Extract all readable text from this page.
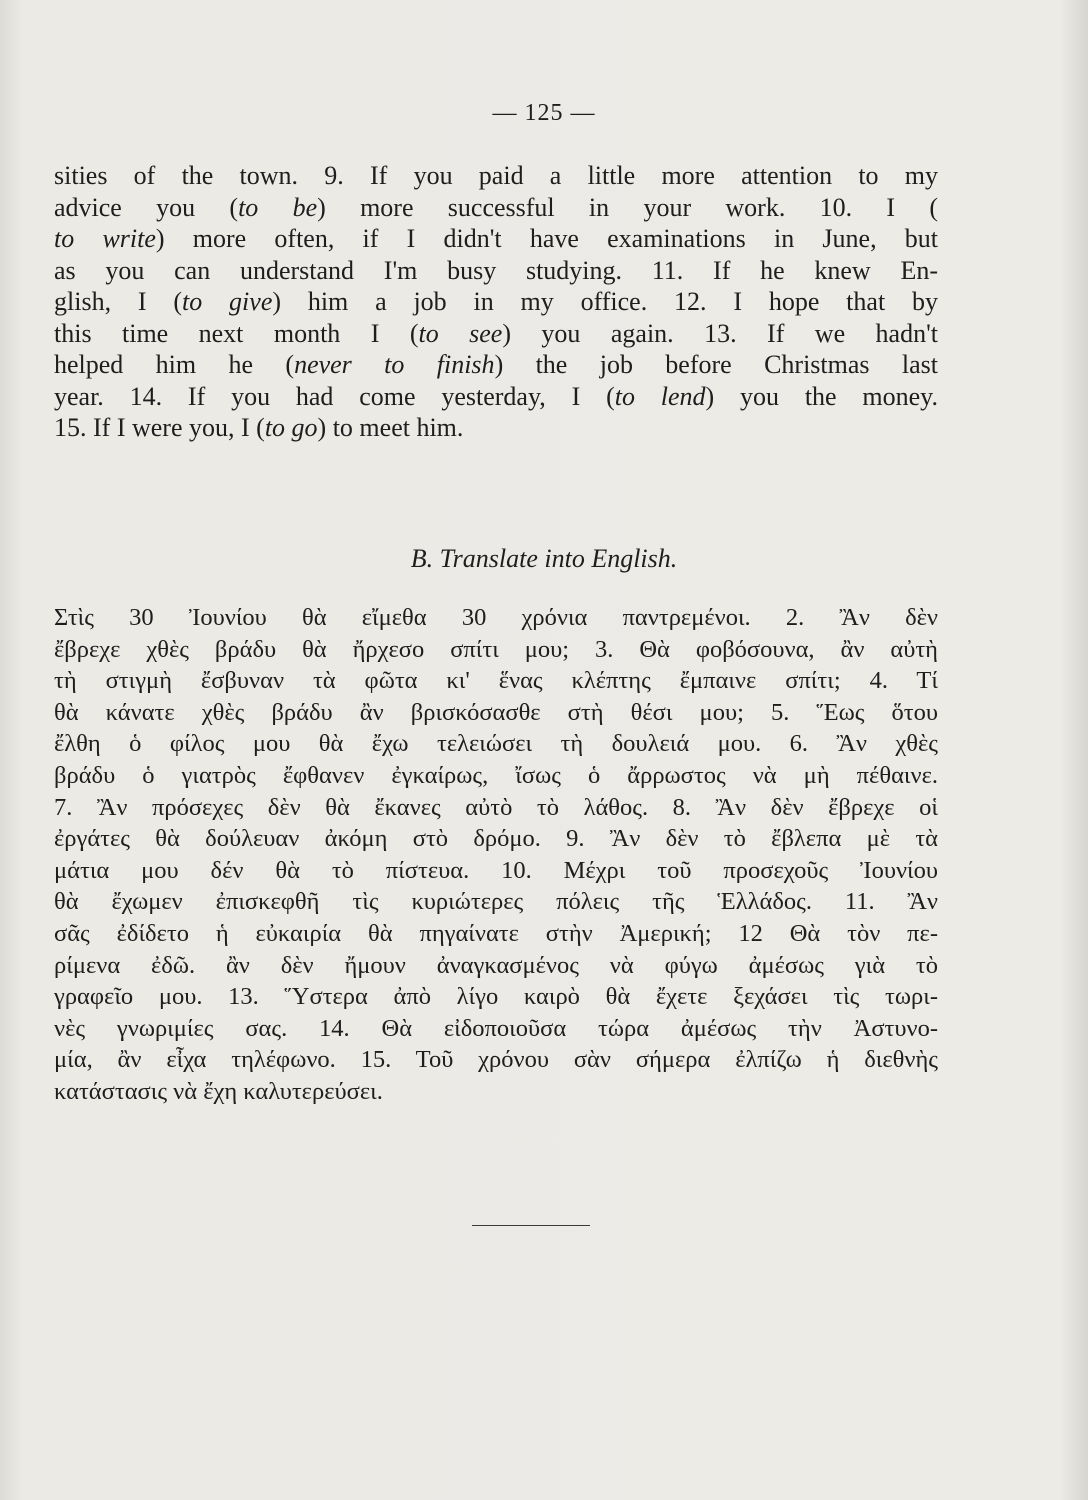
— 125 —
sities of the town. 9. If you paid a little more attention to my
advice you (to be) more successful in your work. 10. I (
to write) more often, if I didn't have examinations in June, but
as you can understand I'm busy studying. 11. If he knew En-
glish, I (to give) him a job in my office. 12. I hope that by
this time next month I (to see) you again. 13. If we hadn't
helped him he (never to finish) the job before Christmas last
year. 14. If you had come yesterday, I (to lend) you the money.
15. If I were you, I (to go) to meet him.
B. Translate into English.
Στὶς 30 Ἰουνίου θὰ εἴμεθα 30 χρόνια παντρεμένοι. 2. Ἂν δὲν
ἔβρεχε χθὲς βράδυ θὰ ἤρχεσο σπίτι μου; 3. Θὰ φοβόσουνα, ἂν αὐτὴ
τὴ στιγμὴ ἔσβυναν τὰ φῶτα κι' ἕνας κλέπτης ἔμπαινε σπίτι; 4. Τί
θὰ κάνατε χθὲς βράδυ ἂν βρισκόσασθε στὴ θέσι μου; 5. Ἕως ὅτου
ἔλθη ὁ φίλος μου θὰ ἔχω τελειώσει τὴ δουλειά μου. 6. Ἂν χθὲς
βράδυ ὁ γιατρὸς ἔφθανεν ἐγκαίρως, ἴσως ὁ ἄρρωστος νὰ μὴ πέθαινε.
7. Ἂν πρόσεχες δὲν θὰ ἔκανες αὐτὸ τὸ λάθος. 8. Ἂν δὲν ἔβρεχε οἱ
ἐργάτες θὰ δούλευαν ἀκόμη στὸ δρόμο. 9. Ἂν δὲν τὸ ἔβλεπα μὲ τὰ
μάτια μου δέν θὰ τὸ πίστευα. 10. Μέχρι τοῦ προσεχοῦς Ἰουνίου
θὰ ἔχωμεν ἐπισκεφθῆ τὶς κυριώτερες πόλεις τῆς Ἑλλάδος. 11. Ἂν
σᾶς ἐδίδετο ἡ εὐκαιρία θὰ πηγαίνατε στὴν Ἀμερική; 12 Θὰ τὸν πε-
ρίμενα ἐδῶ. ἂν δὲν ἤμουν ἀναγκασμένος νὰ φύγω ἀμέσως γιὰ τὸ
γραφεῖο μου. 13. Ὕστερα ἀπὸ λίγο καιρὸ θὰ ἔχετε ξεχάσει τὶς τωρι-
νὲς γνωριμίες σας. 14. Θὰ εἰδοποιοῦσα τώρα ἀμέσως τὴν Ἀστυνο-
μία, ἂν εἶχα τηλέφωνο. 15. Τοῦ χρόνου σὰν σήμερα ἐλπίζω ἡ διεθνὴς
κατάστασις νὰ ἔχη καλυτερεύσει.
